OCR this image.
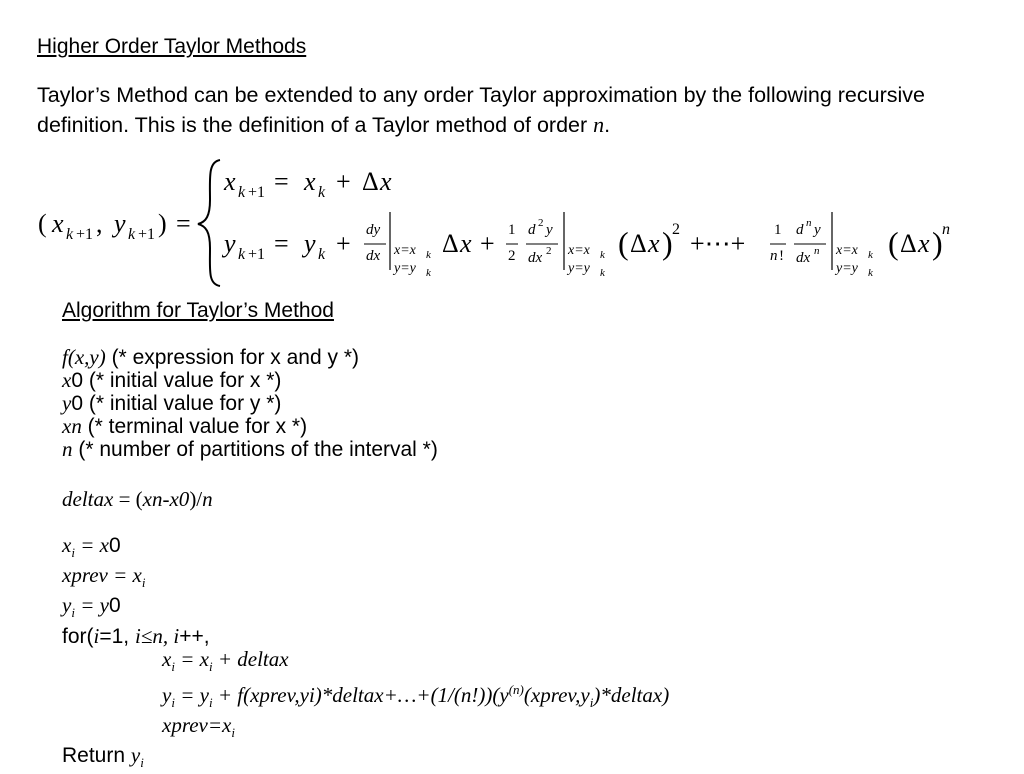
Higher Order Taylor Methods
Taylor’s Method can be extended to any order Taylor approximation by the following recursive definition. This is the definition of a Taylor method of order n.
( x k +1 , y k +1 ) =
x k +1 = x k + Δ x
y k +1 = y k + dy
dx x=x k
y=y k
Δ x + 1
2
d 2 y
dx 2 x=x k
y=y k
( Δ x ) 2 +⋯+ 1
n !
d n y
dx n x=x k
y=y k
( Δ x ) n
Algorithm for Taylor’s Method
f(x,y) (* expression for x and y *)
x0 (* initial value for x *)
y0 (* initial value for y *)
xn (* terminal value for x *)
n (* number of partitions of the interval *)
deltax = (xn-x0)/n
$x_i = x0$
xprev = $x_i$
$y_i = y0$
for(i=1, i≤n, i++,
$x_i = x_i$ + deltax
$y_i = y_i$ + $f(xprev,yi)*deltax+\dots+(1/(n!))(y^{(n)}(xprev,y_i)*deltax)$
$xprev=x_i$
Return $y_i$
